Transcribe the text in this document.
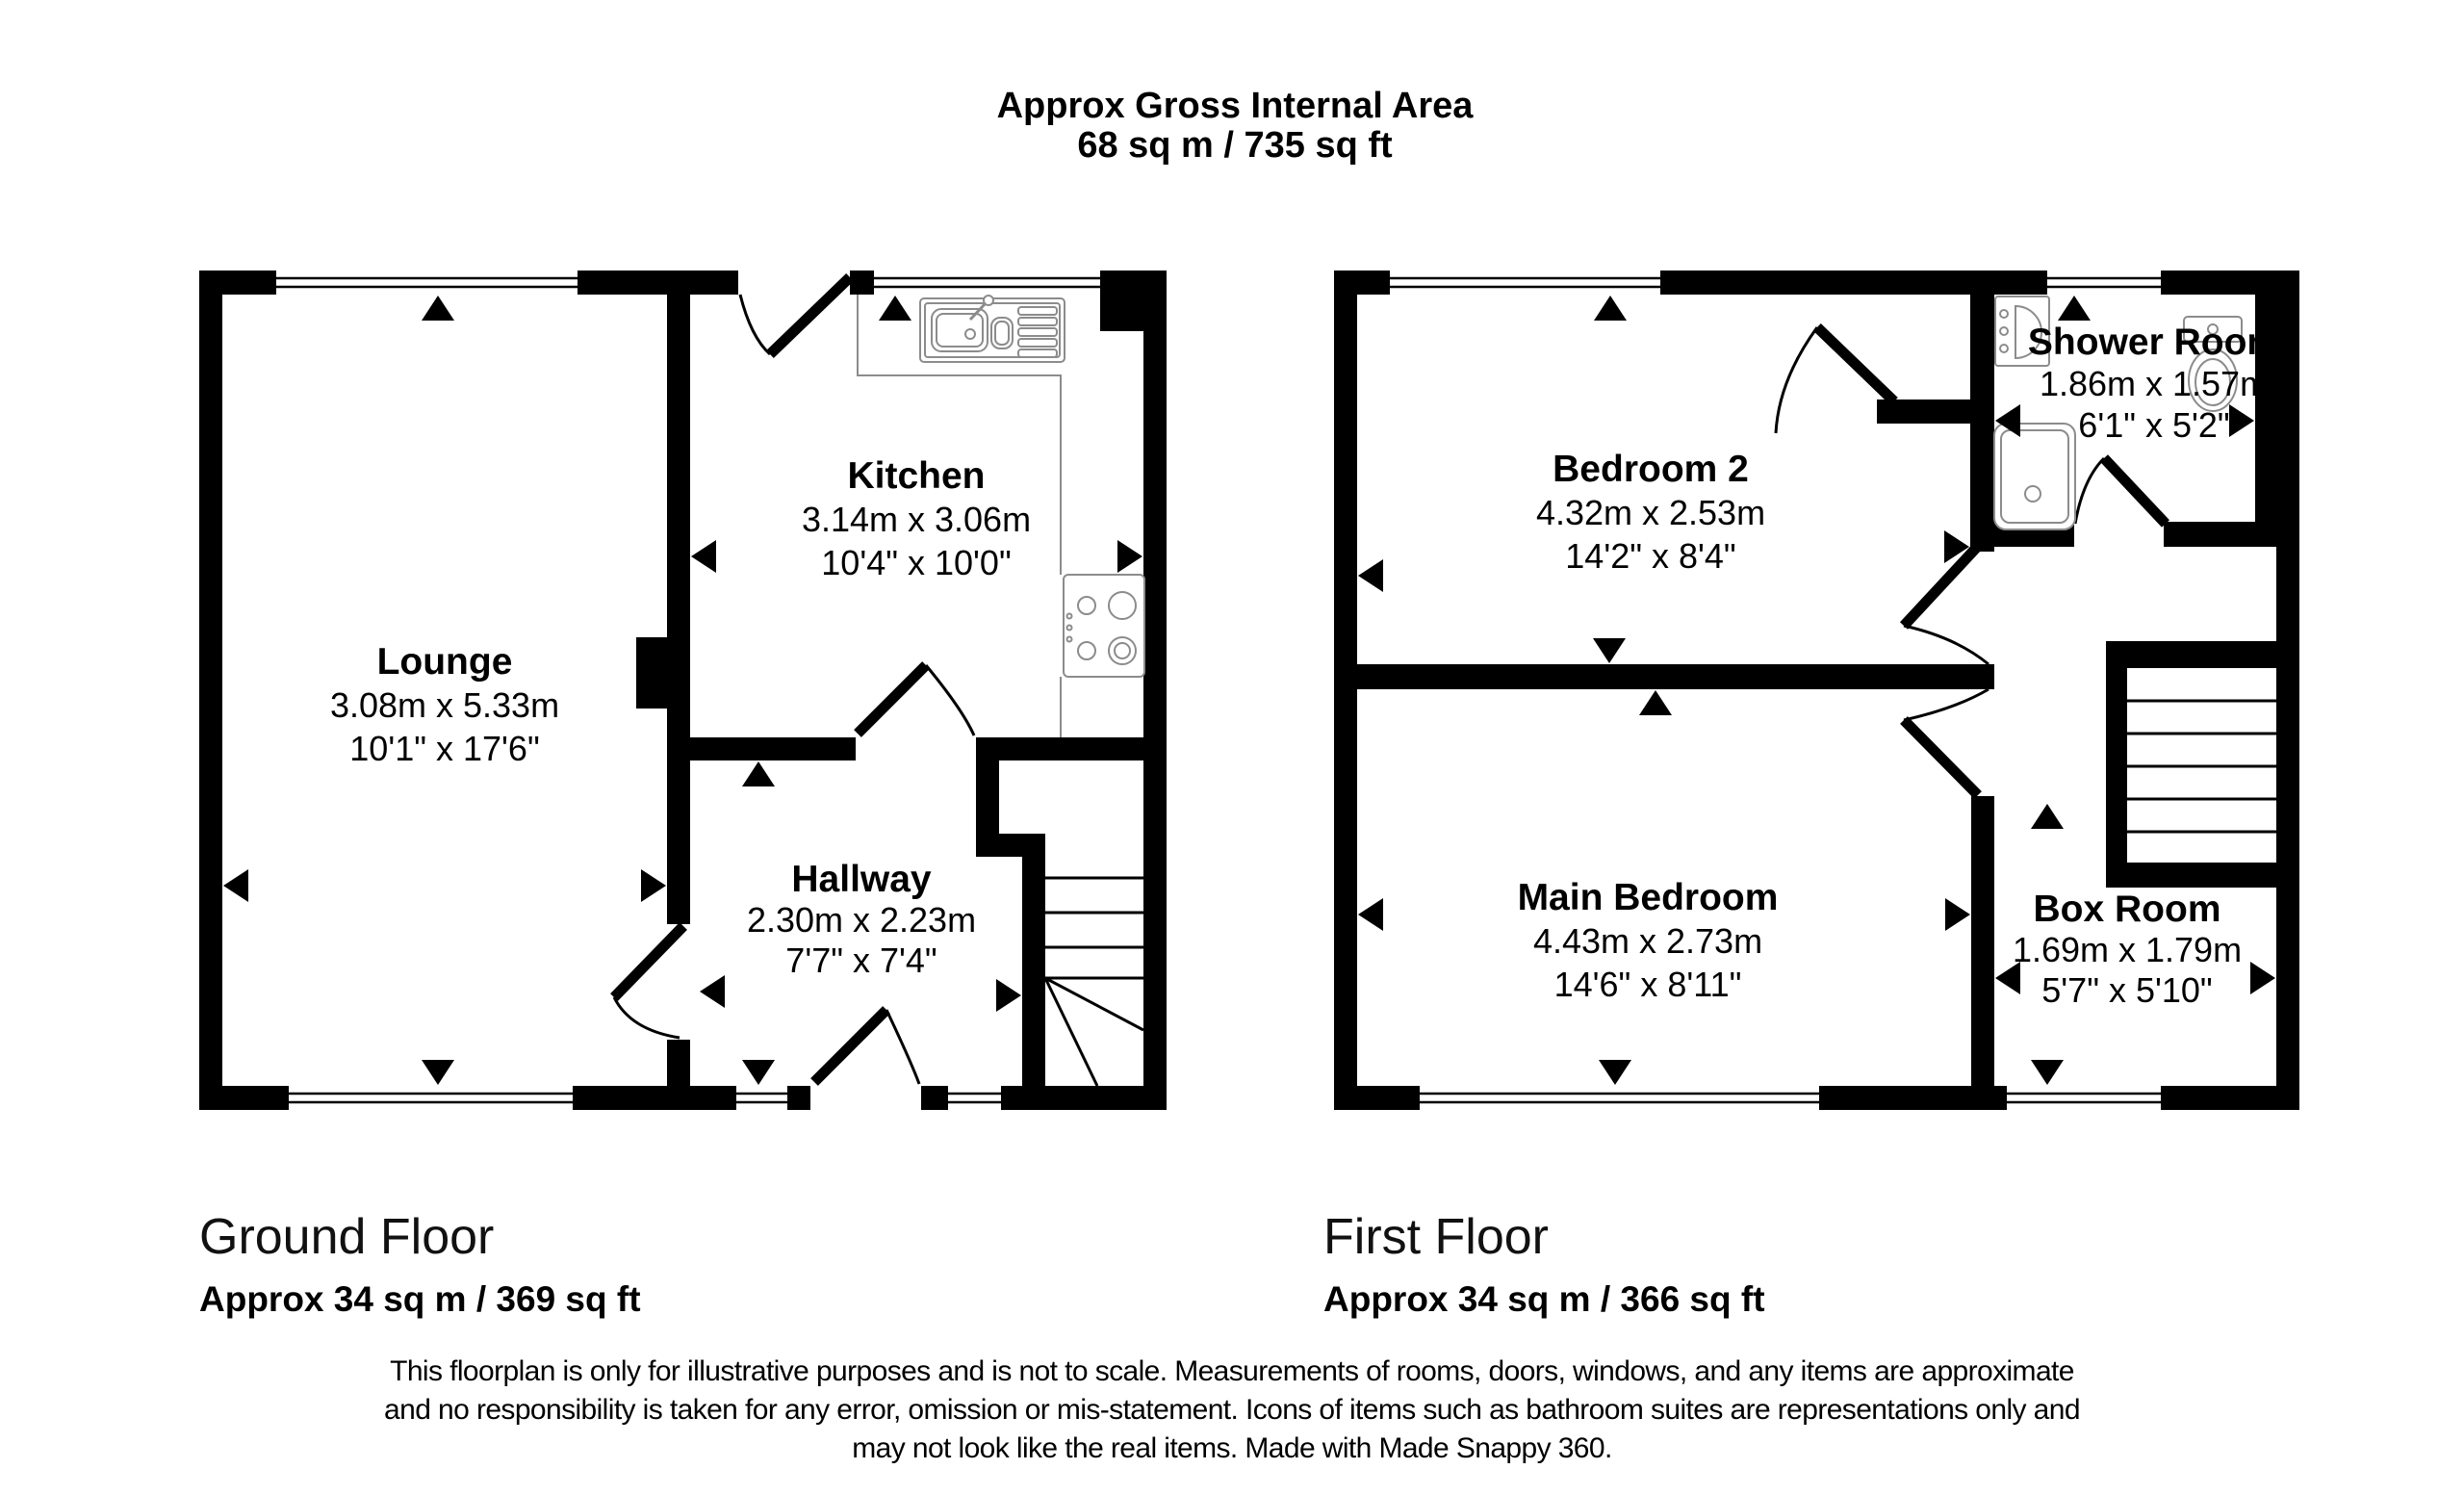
Approx Gross Internal Area
68 sq m / 735 sq ft
Lounge
3.08m x 5.33m
10'1" x 17'6"
Kitchen
3.14m x 3.06m
10'4" x 10'0"
Hallway
2.30m x 2.23m
7'7" x 7'4"
Bedroom 2
4.32m x 2.53m
14'2" x 8'4"
Shower Room
1.86m x 1.57m
6'1" x 5'2"
Main Bedroom
4.43m x 2.73m
14'6" x 8'11"
Box Room
1.69m x 1.79m
5'7" x 5'10"
Ground Floor
Approx 34 sq m / 369 sq ft
First Floor
Approx 34 sq m / 366 sq ft
This floorplan is only for illustrative purposes and is not to scale. Measurements of rooms, doors, windows, and any items are approximate
and no responsibility is taken for any error, omission or mis-statement. Icons of items such as bathroom suites are representations only and
may not look like the real items. Made with Made Snappy 360.
